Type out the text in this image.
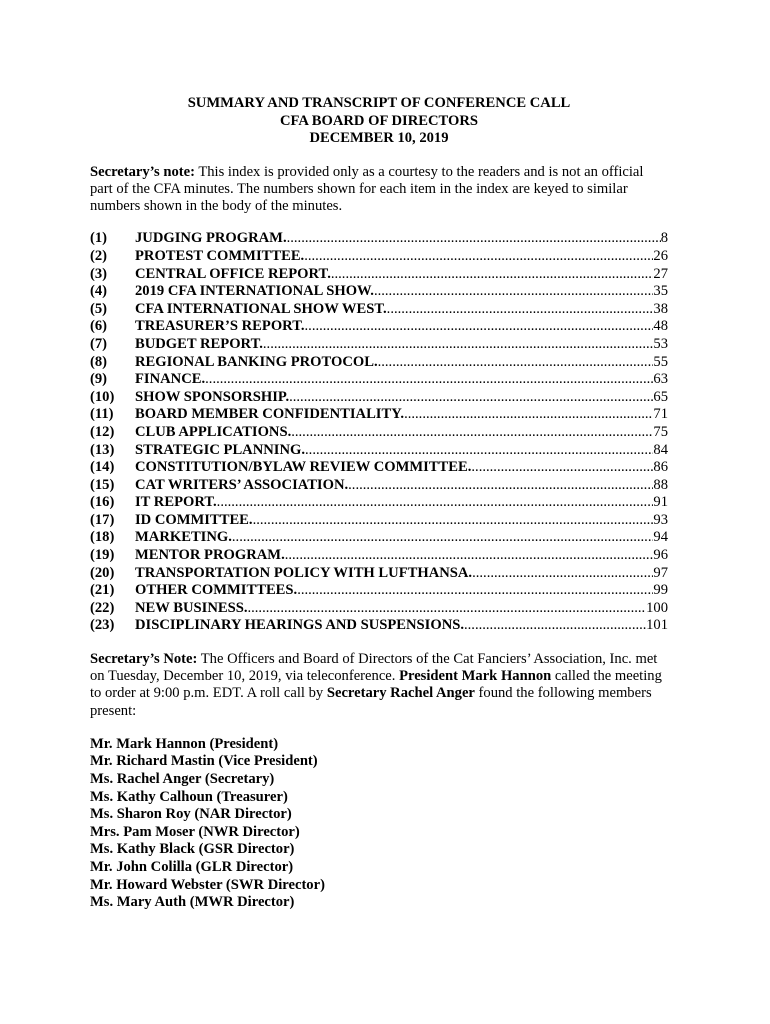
SUMMARY AND TRANSCRIPT OF CONFERENCE CALL
CFA BOARD OF DIRECTORS
DECEMBER 10, 2019

Secretary’s note: This index is provided only as a courtesy to the readers and is not an official part of the CFA minutes. The numbers shown for each item in the index are keyed to similar numbers shown in the body of the minutes.

(1)	JUDGING PROGRAM. .....	8
(2)	PROTEST COMMITTEE. .....	26
(3)	CENTRAL OFFICE REPORT. .....	27
(4)	2019 CFA INTERNATIONAL SHOW. .....	35
(5)	CFA INTERNATIONAL SHOW WEST. .....	38
(6)	TREASURER’S REPORT. .....	48
(7)	BUDGET REPORT. .....	53
(8)	REGIONAL BANKING PROTOCOL. .....	55
(9)	FINANCE. .....	63
(10)	SHOW SPONSORSHIP. .....	65
(11)	BOARD MEMBER CONFIDENTIALITY. .....	71
(12)	CLUB APPLICATIONS. .....	75
(13)	STRATEGIC PLANNING. .....	84
(14)	CONSTITUTION/BYLAW REVIEW COMMITTEE. .....	86
(15)	CAT WRITERS’ ASSOCIATION. .....	88
(16)	IT REPORT. .....	91
(17)	ID COMMITTEE. .....	93
(18)	MARKETING. .....	94
(19)	MENTOR PROGRAM. .....	96
(20)	TRANSPORTATION POLICY WITH LUFTHANSA. .....	97
(21)	OTHER COMMITTEES. .....	99
(22)	NEW BUSINESS. .....	100
(23)	DISCIPLINARY HEARINGS AND SUSPENSIONS. .....	101

Secretary’s Note: The Officers and Board of Directors of the Cat Fanciers’ Association, Inc. met on Tuesday, December 10, 2019, via teleconference. President Mark Hannon called the meeting to order at 9:00 p.m. EDT. A roll call by Secretary Rachel Anger found the following members present:

Mr. Mark Hannon (President)
Mr. Richard Mastin (Vice President)
Ms. Rachel Anger (Secretary)
Ms. Kathy Calhoun (Treasurer)
Ms. Sharon Roy (NAR Director)
Mrs. Pam Moser (NWR Director)
Ms. Kathy Black (GSR Director)
Mr. John Colilla (GLR Director)
Mr. Howard Webster (SWR Director)
Ms. Mary Auth (MWR Director)
